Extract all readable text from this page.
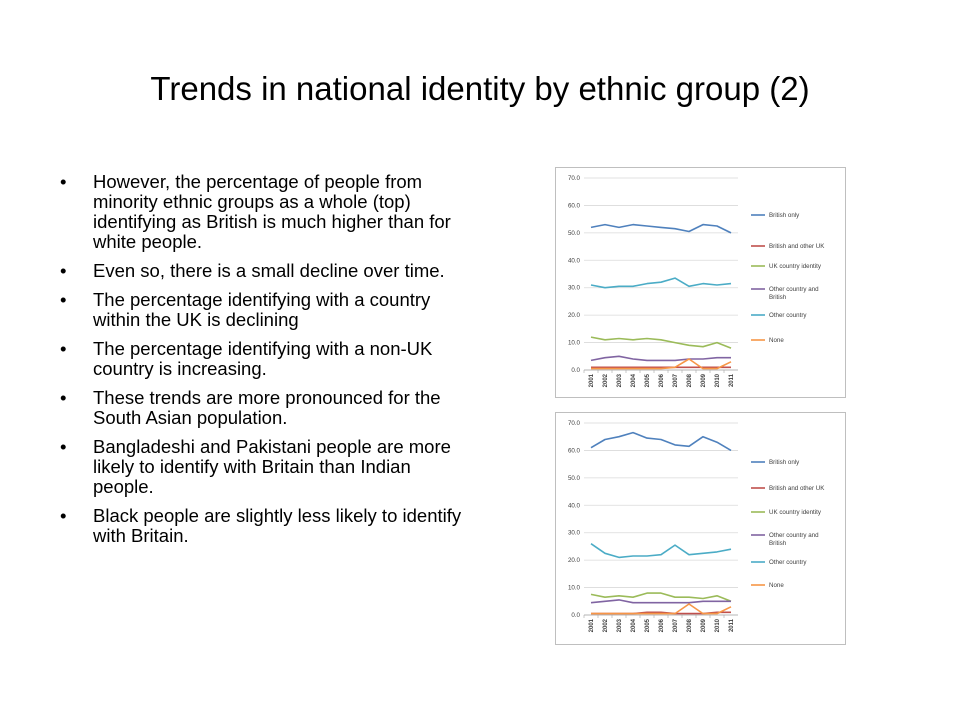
Trends in national identity by ethnic group (2)
• However, the percentage of people from minority ethnic groups as a whole (top) identifying as British is much higher than for white people.
• Even so, there is a small decline over time.
• The percentage identifying with a country within the UK is declining
• The percentage identifying with a non-UK country is increasing.
• These trends are more pronounced for the South Asian population.
• Bangladeshi and Pakistani people are more likely to identify with Britain than Indian people.
• Black people are slightly less likely to identify with Britain.
0.0
10.0
20.0
30.0
40.0
50.0
60.0
70.0
2001 2002 2003 2004 2005 2006 2007 2008 2009 2010 2011
British only
British and other UK
UK country identity
Other country and
British
Other country
None
0.0
10.0
20.0
30.0
40.0
50.0
60.0
70.0
2001 2002 2003 2004 2005 2006 2007 2008 2009 2010 2011
British only
British and other UK
UK country identity
Other country and
British
Other country
None
